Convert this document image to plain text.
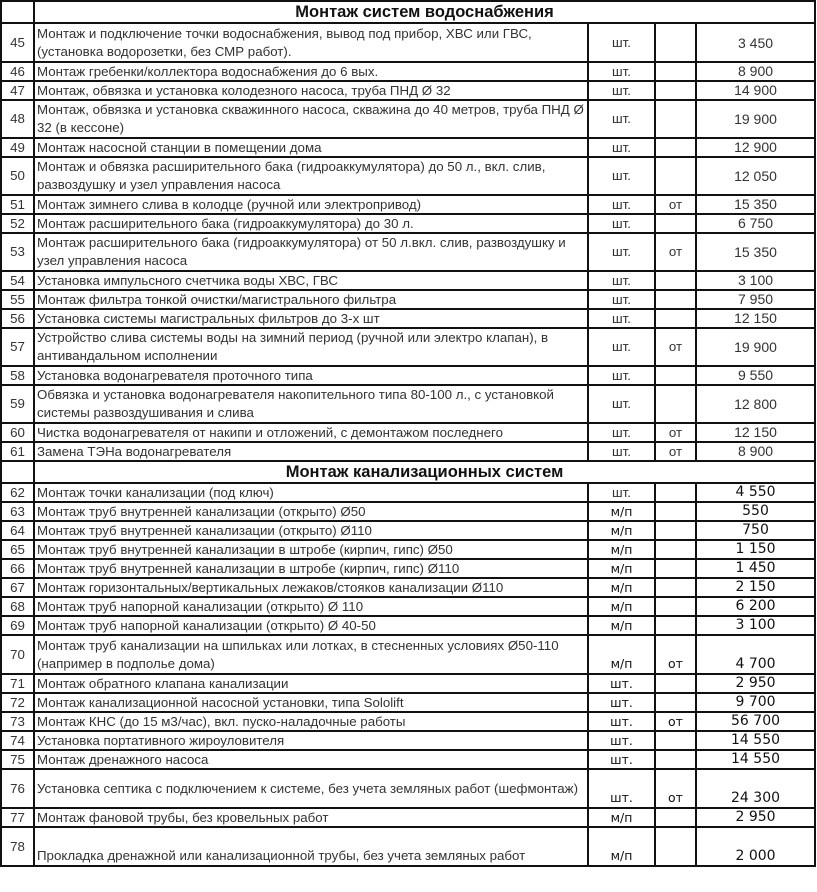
	Монтаж систем водоснабжения			
45	Монтаж и подключение точки водоснабжения, вывод под прибор, ХВС или ГВС, (установка водорозетки, без СМР работ).	шт.		3 450
46	Монтаж гребенки/коллектора водоснабжения до 6 вых.	шт.		8 900
47	Монтаж, обвязка и установка колодезного насоса, труба ПНД Ø 32	шт.		14 900
48	Монтаж, обвязка и установка скважинного насоса, скважина до 40 метров, труба ПНД Ø 32 (в кессоне)	шт.		19 900
49	Монтаж насосной станции в помещении дома	шт.		12 900
50	Монтаж и обвязка расширительного бака (гидроаккумулятора) до 50 л., вкл. слив, развоздушку и узел управления насоса	шт.		12 050
51	Монтаж зимнего слива в колодце (ручной или электропривод)	шт.	от	15 350
52	Монтаж расширительного бака (гидроаккумулятора) до 30 л.	шт.		6 750
53	Монтаж расширительного бака (гидроаккумулятора) от 50 л.вкл. слив, развоздушку и узел управления насоса	шт.	от	15 350
54	Установка импульсного счетчика воды ХВС, ГВС	шт.		3 100
55	Монтаж фильтра тонкой очистки/магистрального фильтра	шт.		7 950
56	Установка системы магистральных фильтров до 3-х шт	шт.		12 150
57	Устройство слива системы воды на зимний период (ручной или электро клапан), в антивандальном исполнении	шт.	от	19 900
58	Установка водонагревателя проточного типа	шт.		9 550
59	Обвязка и установка водонагревателя накопительного типа 80-100 л., с установкой системы развоздушивания и слива	шт.		12 800
60	Чистка водонагревателя от накипи и отложений, с демонтажом последнего	шт.	от	12 150
61	Замена ТЭНа водонагревателя	шт.	от	8 900
	Монтаж канализационных систем			
62	Монтаж точки канализации (под ключ)	шт.		4 550
63	Монтаж труб внутренней канализации (открыто) Ø50	м/п		550
64	Монтаж труб внутренней канализации (открыто) Ø110	м/п		750
65	Монтаж труб внутренней канализации в штробе (кирпич, гипс) Ø50	м/п		1 150
66	Монтаж труб внутренней канализации в штробе (кирпич, гипс) Ø110	м/п		1 450
67	Монтаж горизонтальных/вертикальных лежаков/стояков канализации Ø110	м/п		2 150
68	Монтаж труб напорной канализации (открыто) Ø 110	м/п		6 200
69	Монтаж труб напорной канализации (открыто) Ø 40-50	м/п		3 100
70	Монтаж труб канализации на шпильках или лотках, в стесненных условиях Ø50-110 (например в подполье дома)	м/п	от	4 700
71	Монтаж обратного клапана канализации	шт.		2 950
72	Монтаж канализационной насосной установки, типа Sololift	шт.		9 700
73	Монтаж КНС (до 15 м3/час), вкл. пуско-наладочные работы	шт.	от	56 700
74	Установка портативного жироуловителя	шт.		14 550
75	Монтаж дренажного насоса	шт.		14 550
76	Установка септика с подключением к системе, без учета земляных работ (шефмонтаж)	шт.	от	24 300
77	Монтаж фановой трубы, без кровельных работ	м/п		2 950
78	Прокладка дренажной или канализационной трубы, без учета земляных работ	м/п		2 000
